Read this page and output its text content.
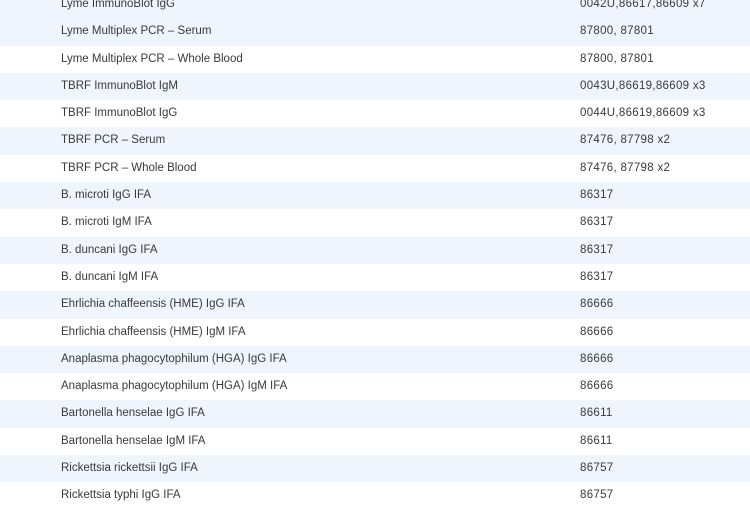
Lyme ImmunoBlot IgG	0042U,86617,86609 x7
Lyme Multiplex PCR – Serum	87800, 87801
Lyme Multiplex PCR – Whole Blood	87800, 87801
TBRF ImmunoBlot IgM	0043U,86619,86609 x3
TBRF ImmunoBlot IgG	0044U,86619,86609 x3
TBRF PCR – Serum	87476, 87798 x2
TBRF PCR – Whole Blood	87476, 87798 x2
B. microti IgG IFA	86317
B. microti IgM IFA	86317
B. duncani IgG IFA	86317
B. duncani IgM IFA	86317
Ehrlichia chaffeensis (HME) IgG IFA	86666
Ehrlichia chaffeensis (HME) IgM IFA	86666
Anaplasma phagocytophilum (HGA) IgG IFA	86666
Anaplasma phagocytophilum (HGA) IgM IFA	86666
Bartonella henselae IgG IFA	86611
Bartonella henselae IgM IFA	86611
Rickettsia rickettsii IgG IFA	86757
Rickettsia typhi IgG IFA	86757
